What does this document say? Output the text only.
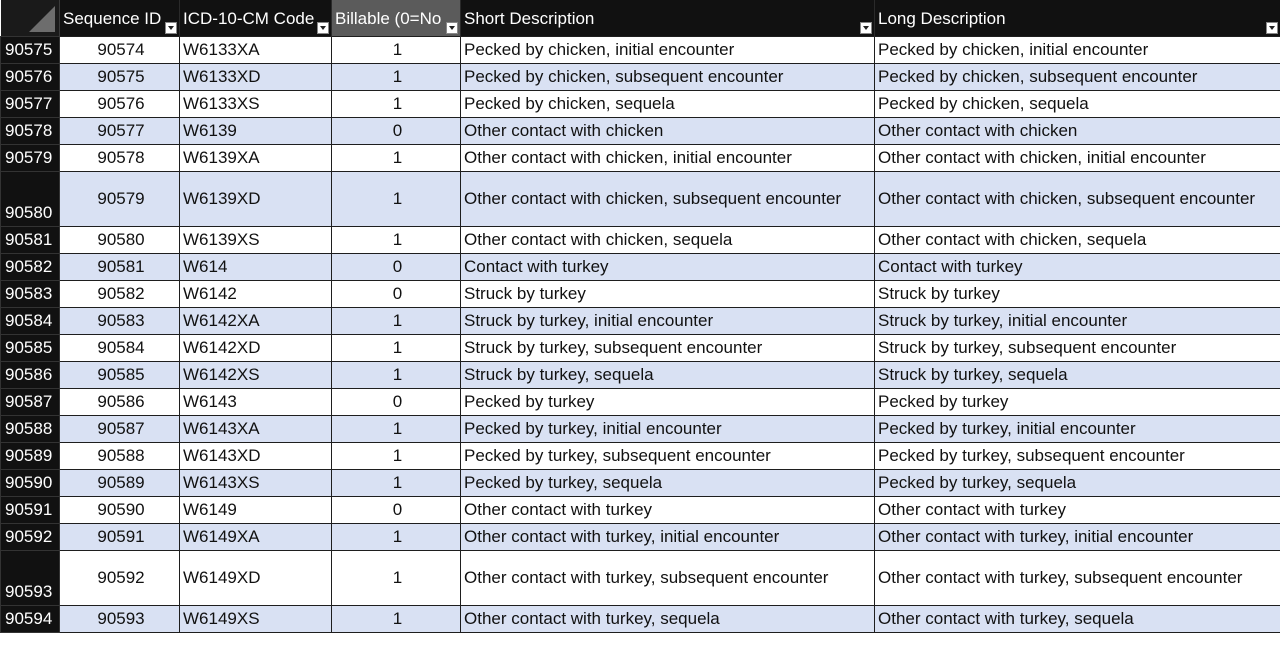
	Sequence ID	ICD-10-CM Code	Billable (0=No	Short Description	Long Description

90575	90574	W6133XA	1	Pecked by chicken, initial encounter	Pecked by chicken, initial encounter
90576	90575	W6133XD	1	Pecked by chicken, subsequent encounter	Pecked by chicken, subsequent encounter
90577	90576	W6133XS	1	Pecked by chicken, sequela	Pecked by chicken, sequela
90578	90577	W6139	0	Other contact with chicken	Other contact with chicken
90579	90578	W6139XA	1	Other contact with chicken, initial encounter	Other contact with chicken, initial encounter
90580	90579	W6139XD	1	Other contact with chicken, subsequent encounter	Other contact with chicken, subsequent encounter
90581	90580	W6139XS	1	Other contact with chicken, sequela	Other contact with chicken, sequela
90582	90581	W614	0	Contact with turkey	Contact with turkey
90583	90582	W6142	0	Struck by turkey	Struck by turkey
90584	90583	W6142XA	1	Struck by turkey, initial encounter	Struck by turkey, initial encounter
90585	90584	W6142XD	1	Struck by turkey, subsequent encounter	Struck by turkey, subsequent encounter
90586	90585	W6142XS	1	Struck by turkey, sequela	Struck by turkey, sequela
90587	90586	W6143	0	Pecked by turkey	Pecked by turkey
90588	90587	W6143XA	1	Pecked by turkey, initial encounter	Pecked by turkey, initial encounter
90589	90588	W6143XD	1	Pecked by turkey, subsequent encounter	Pecked by turkey, subsequent encounter
90590	90589	W6143XS	1	Pecked by turkey, sequela	Pecked by turkey, sequela
90591	90590	W6149	0	Other contact with turkey	Other contact with turkey
90592	90591	W6149XA	1	Other contact with turkey, initial encounter	Other contact with turkey, initial encounter
90593	90592	W6149XD	1	Other contact with turkey, subsequent encounter	Other contact with turkey, subsequent encounter
90594	90593	W6149XS	1	Other contact with turkey, sequela	Other contact with turkey, sequela
